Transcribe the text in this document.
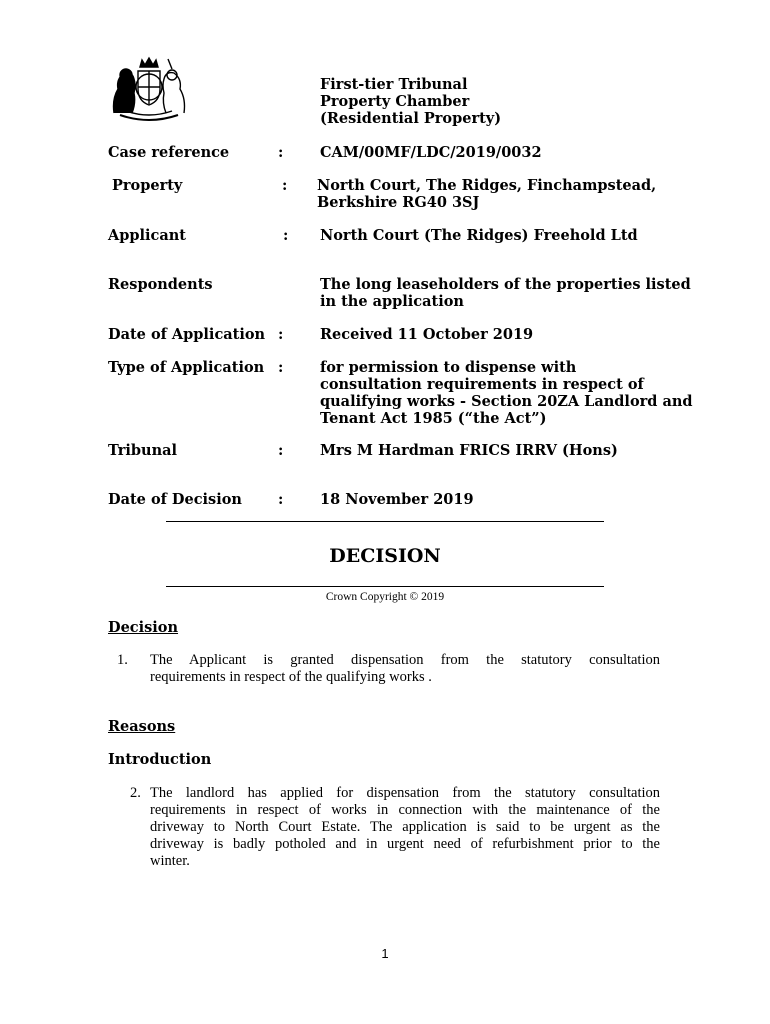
First-tier Tribunal
Property Chamber
(Residential Property)
Case reference	:	CAM/00MF/LDC/2019/0032
Property	: North Court, The Ridges, Finchampstead,
Berkshire RG40 3SJ
Applicant	: North Court (The Ridges) Freehold Ltd
Respondents	The long leaseholders of the properties listed
in the application
Date of Application :	Received 11 October 2019
Type of Application :	for permission to dispense with
consultation requirements in respect of
qualifying works - Section 20ZA Landlord and
Tenant Act 1985 (“the Act”)
Tribunal	:	Mrs M Hardman FRICS IRRV (Hons)
Date of Decision :	18 November 2019
DECISION
Crown Copyright © 2019
Decision
1. The Applicant is granted dispensation from the statutory consultation
requirements in respect of the qualifying works .
Reasons
Introduction
2. The landlord has applied for dispensation from the statutory consultation
requirements in respect of works in connection with the maintenance of the
driveway to North Court Estate. The application is said to be urgent as the
driveway is badly potholed and in urgent need of refurbishment prior to the
winter.
1
